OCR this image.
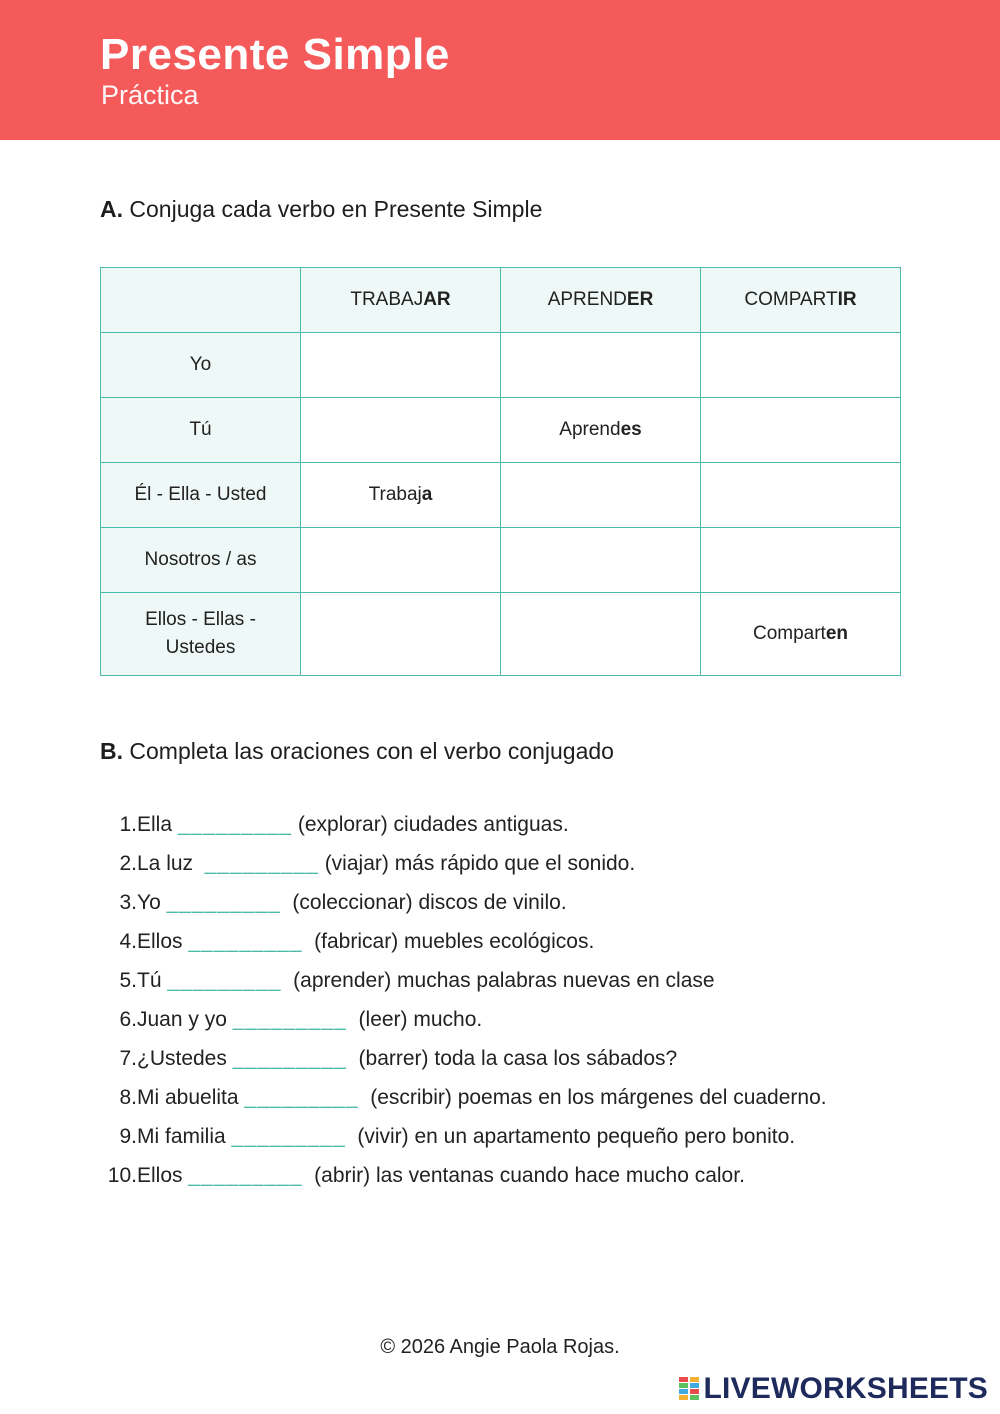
Presente Simple
Práctica
A. Conjuga cada verbo en Presente Simple
	TRABAJAR	APRENDER	COMPARTIR
Yo			
Tú		Aprendes	
Él - Ella - Usted	Trabaja		
Nosotros / as			
Ellos - Ellas - Ustedes			Comparten
B. Completa las oraciones con el verbo conjugado
1. Ella _________ (explorar) ciudades antiguas.
2. La luz _________ (viajar) más rápido que el sonido.
3. Yo _________ (coleccionar) discos de vinilo.
4. Ellos _________ (fabricar) muebles ecológicos.
5. Tú _________ (aprender) muchas palabras nuevas en clase
6. Juan y yo _________ (leer) mucho.
7. ¿Ustedes _________ (barrer) toda la casa los sábados?
8. Mi abuelita _________ (escribir) poemas en los márgenes del cuaderno.
9. Mi familia _________ (vivir) en un apartamento pequeño pero bonito.
10. Ellos _________ (abrir) las ventanas cuando hace mucho calor.
© 2026 Angie Paola Rojas.
LIVEWORKSHEETS
